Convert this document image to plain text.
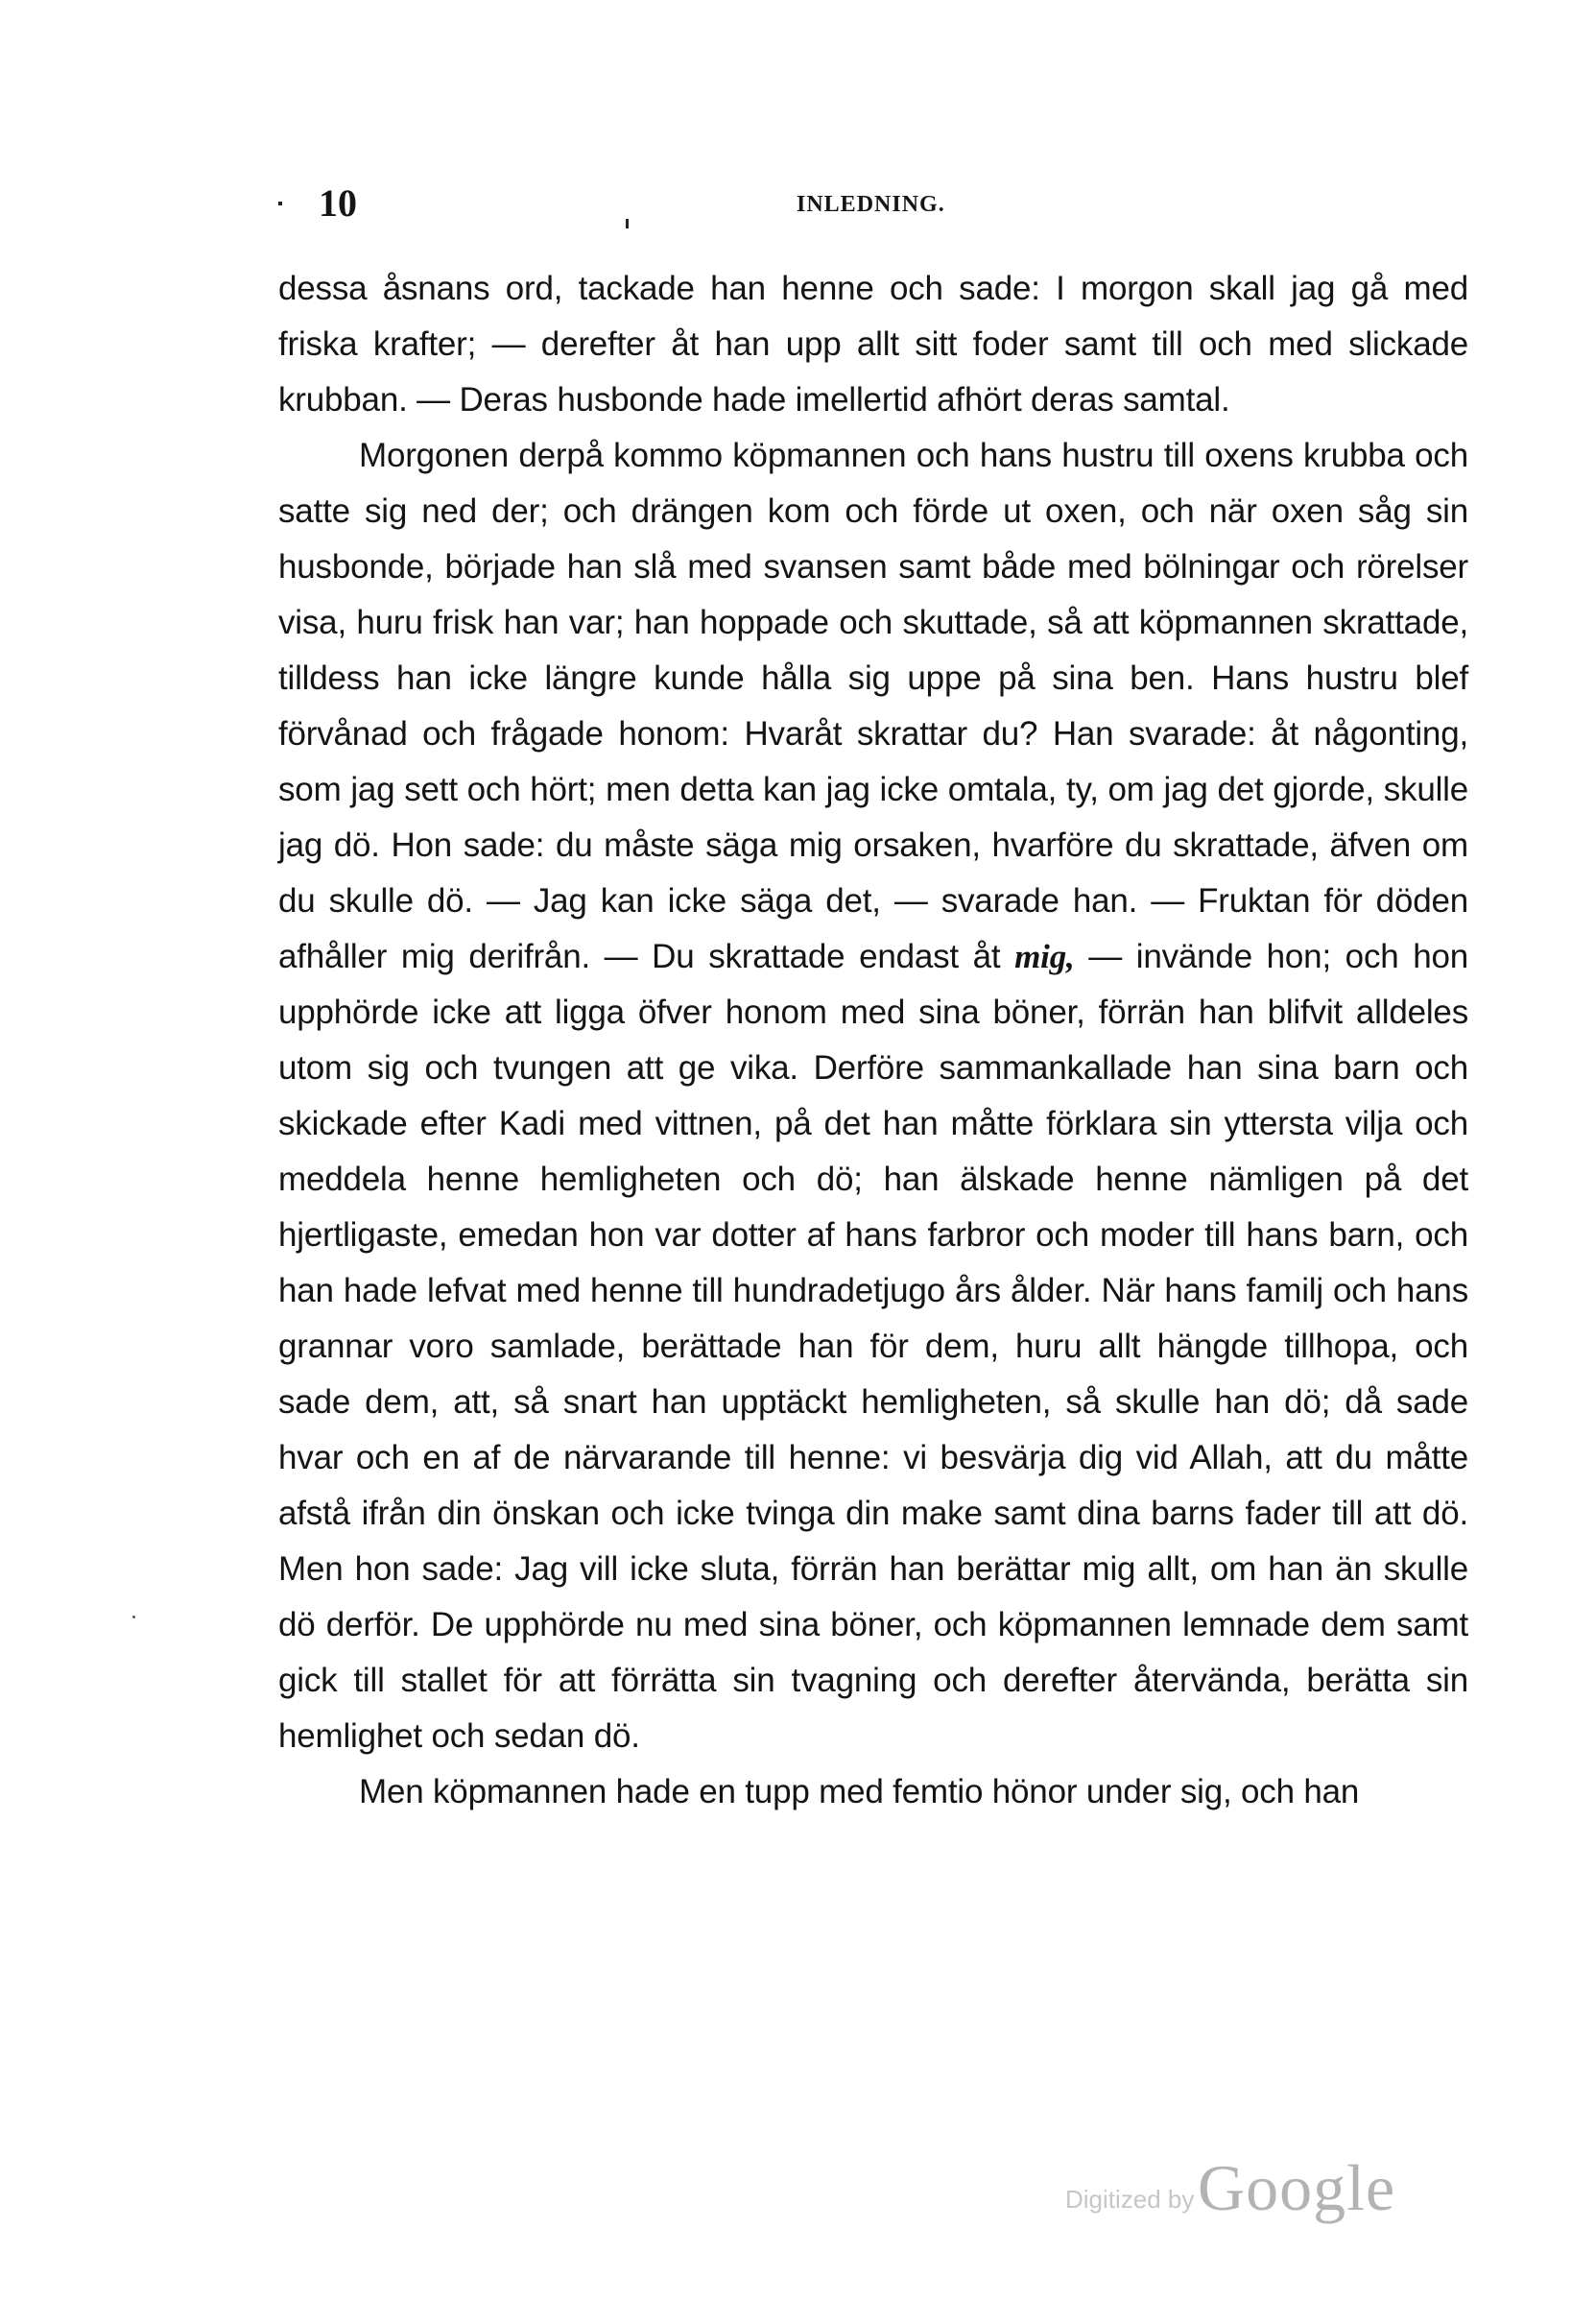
10	INLEDNING.

dessa åsnans ord, tackade han henne och sade: I morgon skall jag gå med friska krafter; — derefter åt han upp allt sitt foder samt till och med slickade krubban. — Deras husbonde hade imellertid afhört deras samtal.

Morgonen derpå kommo köpmannen och hans hustru till oxens krubba och satte sig ned der; och drängen kom och förde ut oxen, och när oxen såg sin husbonde, började han slå med svansen samt både med bölningar och rörelser visa, huru frisk han var; han hoppade och skuttade, så att köpmannen skrattade, tilldess han icke längre kunde hålla sig uppe på sina ben. Hans hustru blef förvånad och frågade honom: Hvaråt skrattar du? Han svarade: åt någonting, som jag sett och hört; men detta kan jag icke omtala, ty, om jag det gjorde, skulle jag dö. Hon sade: du måste säga mig orsaken, hvarföre du skrattade, äfven om du skulle dö. — Jag kan icke säga det, — svarade han. — Fruktan för döden afhåller mig derifrån. — Du skrattade endast åt mig, — invände hon; och hon upphörde icke att ligga öfver honom med sina böner, förrän han blifvit alldeles utom sig och tvungen att ge vika. Derföre sammankallade han sina barn och skickade efter Kadi med vittnen, på det han måtte förklara sin yttersta vilja och meddela henne hemligheten och dö; han älskade henne nämligen på det hjertligaste, emedan hon var dotter af hans farbror och moder till hans barn, och han hade lefvat med henne till hundradetjugo års ålder. När hans familj och hans grannar voro samlade, berättade han för dem, huru allt hängde tillhopa, och sade dem, att, så snart han upptäckt hemligheten, så skulle han dö; då sade hvar och en af de närvarande till henne: vi besvärja dig vid Allah, att du måtte afstå ifrån din önskan och icke tvinga din make samt dina barns fader till att dö. Men hon sade: Jag vill icke sluta, förrän han berättar mig allt, om han än skulle dö derför. De upphörde nu med sina böner, och köpmannen lemnade dem samt gick till stallet för att förrätta sin tvagning och derefter återvända, berätta sin hemlighet och sedan dö.

Men köpmannen hade en tupp med femtio hönor under sig, och han

Digitized by Google
